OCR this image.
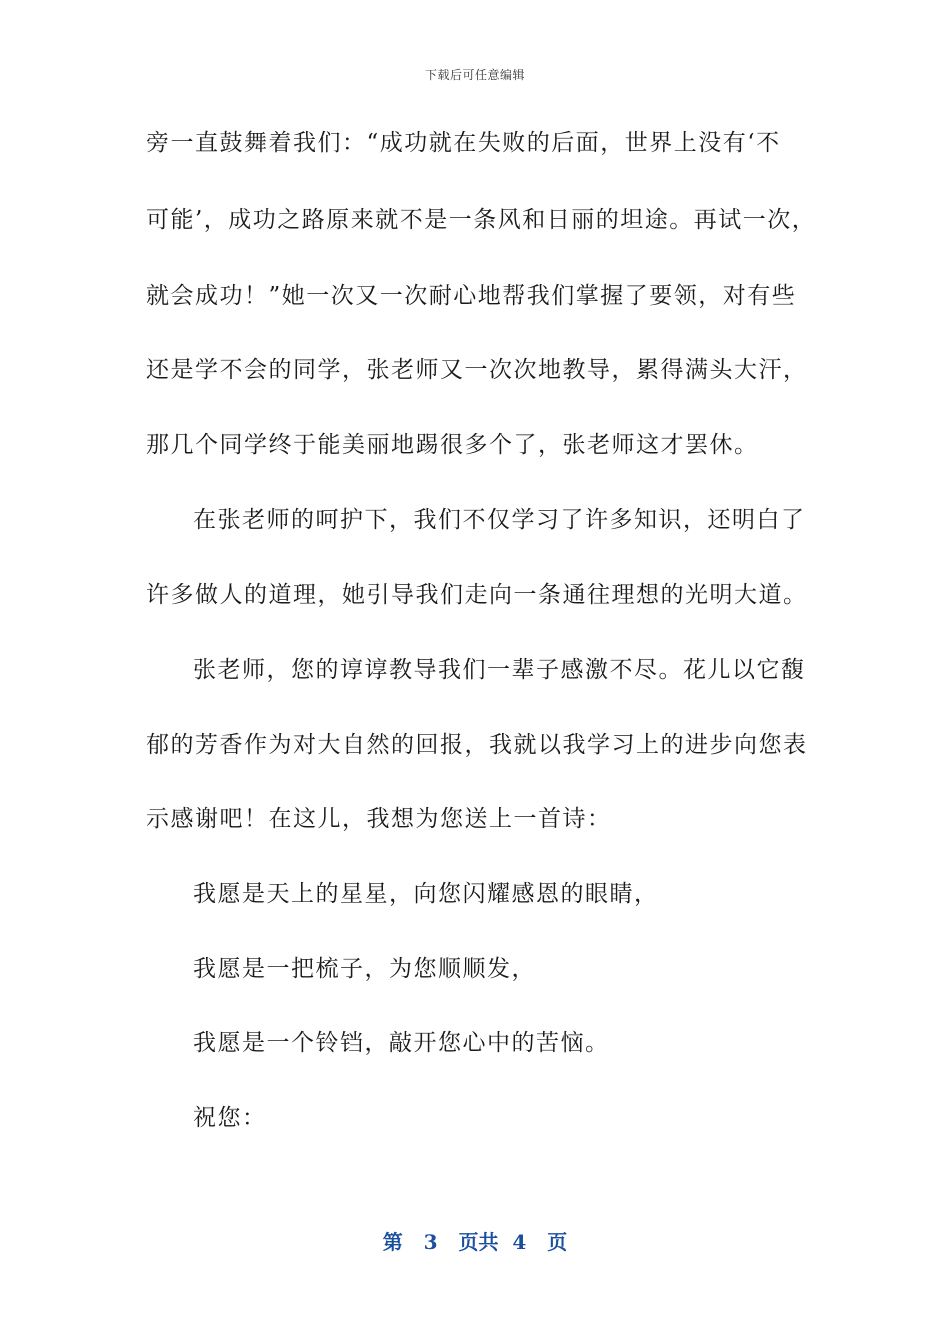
下载后可任意编辑
旁一直鼓舞着我们：“成功就在失败的后面，世界上没有‘不
可能’，成功之路原来就不是一条风和日丽的坦途。再试一次，
就会成功！”她一次又一次耐心地帮我们掌握了要领，对有些
还是学不会的同学，张老师又一次次地教导，累得满头大汗，
那几个同学终于能美丽地踢很多个了，张老师这才罢休。
在张老师的呵护下，我们不仅学习了许多知识，还明白了
许多做人的道理，她引导我们走向一条通往理想的光明大道。
张老师，您的谆谆教导我们一辈子感激不尽。花儿以它馥
郁的芳香作为对大自然的回报，我就以我学习上的进步向您表
示感谢吧！在这儿，我想为您送上一首诗：
我愿是天上的星星，向您闪耀感恩的眼睛，
我愿是一把梳子，为您顺顺发，
我愿是一个铃铛，敲开您心中的苦恼。
祝您：
第 3 页共 4 页
